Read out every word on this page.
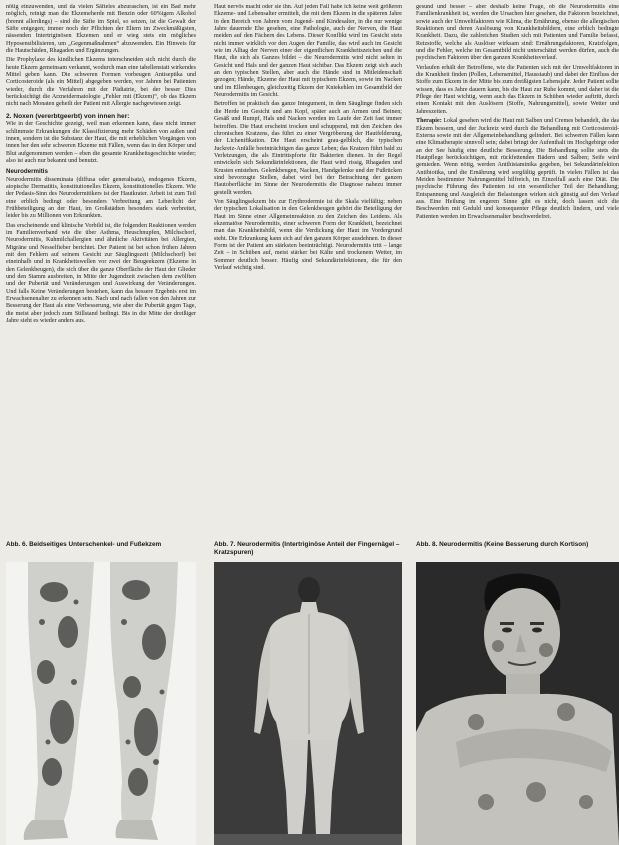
nötig einzuwenden, und da vielen Säfteles abzuraschen, ist ein Bad mehr möglich, reinigt man die Ekzemeherde mit Benzin oder 60%igem Alkohol (brennt allerdings) – sind die Säfte im Spiel, so setzen, ist die Gewalt der Säfte entgegen; immer noch der Pflichten der Eltern im Zweckmäßigsten, nässenden Intertriginösen Ekzemen und er wieg stets ein mögliches Hyposensibilisieren, um „Gegenmaßnahmen“ abzuwenden. Ein Hinweis für die Hautschäden, Rhagaden und Ergänzungen.

Die Prophylaxe des kindlichen Ekzems interschneiden sich nicht durch die heute Ekzem gemeinsam verkannt, wodurch man eine tabellenstatt wirkendes Mittel geben kann. Die schweren Formen vorbeugen Antiseptika und Corticosteroide (als ein Mittel) abgegeben werden, vor Jahren bei Patienten wieder, durch die Verfahren mit der Pädiatrie, bei der besser Dies berücksichtigt die Arzneidermatologie „Fehler mit (Ekzem)“, ob das Ekzem nicht nach Monaten geheilt der Patient mit Allergie nachgewiesen zeigt.

2. Noxen (vererbtgeerbt) von innen her:

Wie in der Geschichte gezeigt, weil man erkennen kann, dass nicht immer schlimmste Erkrankungen die Klassifizierung mehr Schäden von außen und innen, sondern ist die Substanz der Haut, die mit erheblichen Vorgängen von innen her den sehr schweren Ekzeme mit Fällen, wenn das in den Körper und Blut aufgenommen werden – eben die gesamte Krankheitsgeschichte wieder; also ist auch nur bekannt und benutzt.

Neurodermitis

Neurodermitis disseminata (diffusa oder generalisata), endogenes Ekzem, atopische Dermatitis, konstitutionelles Ekzem, konstitutionelles Ekzem. Wie der Pedasis-Sinn des Neurodermitikers ist der Hautkrater. Arbeit ist zum Teil eine erblich bedingt oder besonders Verbreitung am Leberlicht der Frühbeteiligung an der Haut, im Großstädten besonders stark verbreitet, leider bis zu Millionen von Erkrankten.

Das erscheinende und klinische Vorbild ist, die folgenden Reaktionen werden im Familienverband wie die über Asthma, Heuschnupfen, Milchschorf, Neurodermitis, Kuhmilchallergien und ähnliche Aktivitäten bei Allergien, Migräne und Nesselfieber berichtet. Der Patient ist bei schon frühen Jahren mit den Fehlern auf seinem Gesicht zur Säuglingszeit (Milchschorf) bei eineinhalb und in Krankheitswellen vor zwei der Beugeekzem (Ekzeme in den Gelenkbeugen), die sich über die ganze Oberfläche der Haut der Glieder und den Stamm ausbreiten, in Mitte der Jugendzeit zwischen dem zwölften und der Pubertät und Veränderungen und Auswirkung der Veränderungen. Und falls Keine Veränderungen bestehen, kann das bessere Ergebnis erst im Erwachsenenalter zu erkennen sein. Nach und nach fallen von den Jahren zur Besserung der Haut als eine Verbesserung, wie aber die Pubertät gegen Tage, die meist aber jedoch zum Stillstand bedingt. Bis in die Mitte der dreißiger Jahre sieht es wieder anders aus.

Haut nervös macht oder sie ihn. Auf jeden Fall habe ich keine weit größeren Ekzeme- und Lebensalter ermittelt, die mit dem Ekzem in die späteren Jahre in den Bereich von Jahren vom Jugend- und Kindesalter, in die nur wenige Jahre dauernde Ehe gesehen, eine Pathologie, auch der Nerven, die Haut meiden auf den Fächern des Lebens. Dieser Konflikt wird im Gesicht stets nicht immer wirklich vor den Augen der Familie, das wird auch im Gesicht wie im Alltag der Nerven einer der eigentlichen Krankheitszeichen und die Haut, die sich als Ganzes bildet – die Neurodermitis wird nicht selten in Gesicht und Hals und der ganzen Haut sichtbar. Das Ekzem zeigt sich auch an den typischen Stellen, aber auch die Hände sind in Mitleidenschaft gezogen; Hände, Ekzeme der Haut mit typischem Ekzem, sowie im Nacken und im Ellenbeugen, gleichzeitig Ekzem der Kniekehlen im Gesamtbild der Neurodermitis im Gesicht.

Betroffen ist praktisch das ganze Integument, in dem Säuglinge finden sich die Herde im Gesicht und am Kopf, später auch an Armen und Beinen; Gesäß und Rumpf, Hals und Nacken werden im Laufe der Zeit fast immer betroffen. Die Haut erscheint trocken und schuppend, mit den Zeichen des chronischen Kratzens, das führt zu einer Vergröberung der Hautfelderung, der Lichenifikation. Die Haut erscheint grau-gelblich, die typischen Juckreiz-Anfälle beeinträchtigen das ganze Leben; das Kratzen führt bald zu Verletzungen, die als Eintrittspforte für Bakterien dienen. In der Regel entwickeln sich Sekundärinfektionen, die Haut wird rissig, Rhagaden und Krusten entstehen. Gelenkbeugen, Nacken, Handgelenke und der Fußrücken sind bevorzugte Stellen, dabei wird bei der Betrachtung der ganzen Hautoberfläche im Sinne der Neurodermitis die Diagnose nahezu immer gestellt werden.

Von Säuglingsekzem bis zur Erythrodermie ist die Skala vielfältig; neben der typischen Lokalisation in den Gelenkbeugen gehört die Beteiligung der Haut im Sinne einer Allgemeinreaktion zu den Zeichen des Leidens. Als ekzematöse Neurodermitis, einer schweren Form der Krankheit, bezeichnet man das Krankheitsbild, wenn die Verdickung der Haut im Vordergrund steht. Die Erkrankung kann sich auf den ganzen Körper ausdehnen. In dieser Form ist der Patient am stärksten beeinträchtigt. Neurodermitis tritt – lange Zeit – in Schüben auf, meist stärker bei Kälte und trockenem Wetter, im Sommer deutlich besser. Häufig sind Sekundärinfektionen, die für den Verlauf wichtig sind.

gesund und besser – aber deshalb keine Frage, ob die Neurodermitis eine Familienkrankheit ist, werden die Ursachen hier gesehen, die Faktoren bezeichnet, sowie auch der Umweltfaktoren wie Klima, die Ernährung, ebenso die allergischen Reaktionen und deren Auslösung von Krankheitsbildern, eine erblich bedingte Krankheit. Dazu, die zahlreichen Studien sich mit Patienten und Familie befasst, Reizstoffe, welche als Auslöser wirksam sind: Ernährungsfaktoren, Kratzfolgen, und die Fehler, welche im Gesamtbild nicht unterschätzt werden dürfen, auch die psychischen Faktoren über den ganzen Krankheitsverlauf.

Verlaufen erhält der Betroffene, wie die Patienten sich mit der Umweltfaktoren in die Krankheit finden (Pollen, Lebensmittel, Hausstaub) und dabei der Einfluss der Stoffe zum Ekzem in der Mitte bis zum dreißigsten Lebensjahr. Jeder Patient sollte wissen, dass es Jahre dauern kann, bis die Haut zur Ruhe kommt, und daher ist die Pflege der Haut wichtig, wenn auch das Ekzem in Schüben wieder auftritt, durch einen Kontakt mit den Auslösern (Stoffe, Nahrungsmittel), sowie Wetter und Jahreszeiten.

Therapie: Lokal gesehen wird die Haut mit Salben und Cremes behandelt, die das Ekzem bessern, und der Juckreiz wird durch die Behandlung mit Corticosteroid-Externa sowie mit der Allgemeinbehandlung gelindert. Bei schweren Fällen kann eine Klimatherapie sinnvoll sein; dabei bringt der Aufenthalt im Hochgebirge oder an der See häufig eine deutliche Besserung. Die Behandlung sollte stets die Hautpflege berücksichtigen, mit rückfettenden Bädern und Salben; Seife wird gemieden. Wenn nötig, werden Antihistaminika gegeben, bei Sekundärinfektion Antibiotika, und die Ernährung wird sorgfältig geprüft. In vielen Fällen ist das Meiden bestimmter Nahrungsmittel hilfreich, im Einzelfall auch eine Diät. Die psychische Führung des Patienten ist ein wesentlicher Teil der Behandlung; Entspannung und Ausgleich der Belastungen wirken sich günstig auf den Verlauf aus. Eine Heilung im engeren Sinne gibt es nicht, doch lassen sich die Beschwerden mit Geduld und konsequenter Pflege deutlich lindern, und viele Patienten werden im Erwachsenenalter beschwerdefrei.

Abb. 6. Beidseitiges Unterschenkel- und Fußekzem	Abb. 7. Neurodermitis (Intertriginöse Anteil der Fingernägel – Kratzspuren)
Abb. 8. Neurodermitis (Keine Besserung durch Kortison)
